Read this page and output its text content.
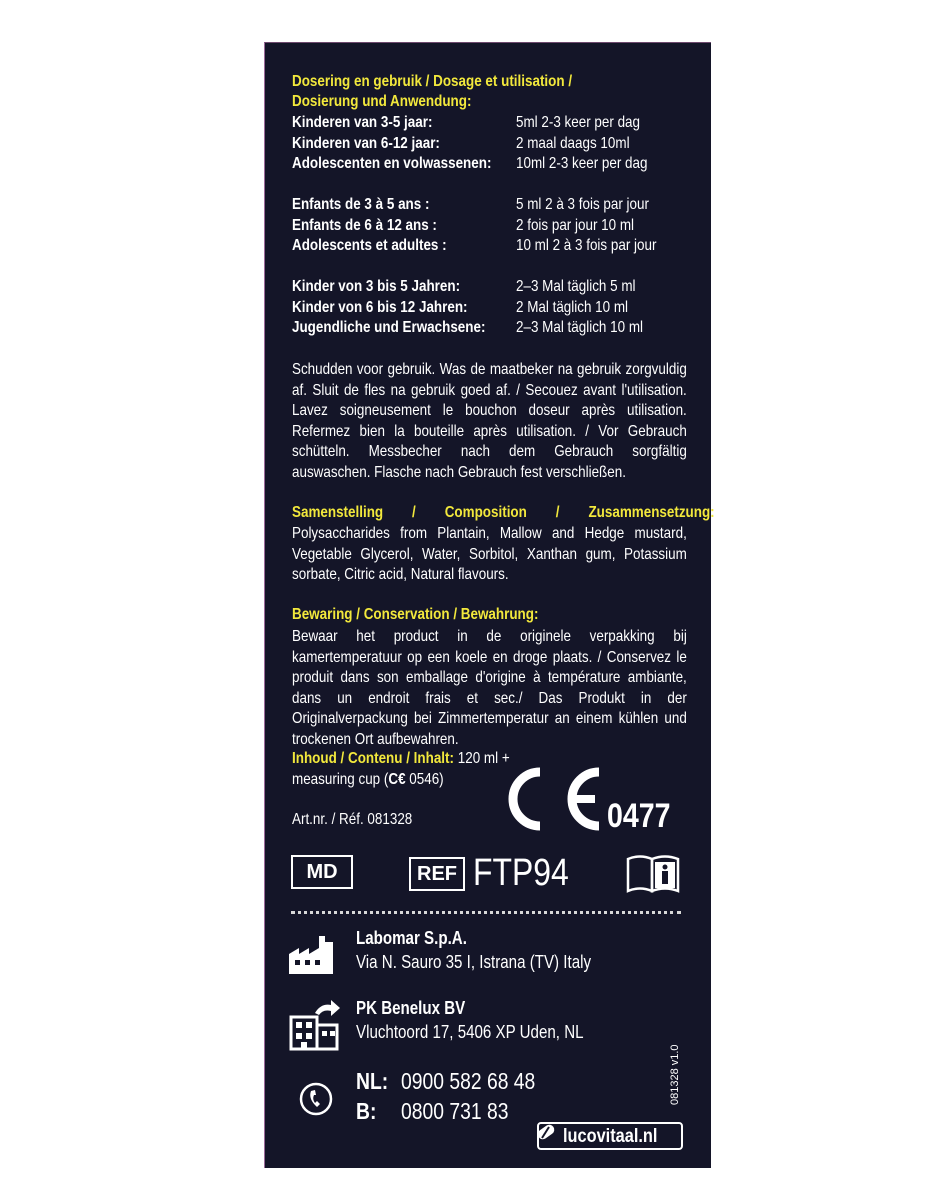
Dosering en gebruik / Dosage et utilisation /
Dosierung und Anwendung:
Kinderen van 3-5 jaar:	5ml 2-3 keer per dag
Kinderen van 6-12 jaar:	2 maal daags 10ml
Adolescenten en volwassenen: 10ml 2-3 keer per dag
Enfants de 3 à 5 ans :	5 ml 2 à 3 fois par jour
Enfants de 6 à 12 ans :	2 fois par jour 10 ml
Adolescents et adultes :	10 ml 2 à 3 fois par jour
Kinder von 3 bis 5 Jahren:	2–3 Mal täglich 5 ml
Kinder von 6 bis 12 Jahren:	2 Mal täglich 10 ml
Jugendliche und Erwachsene: 2–3 Mal täglich 10 ml
Schudden voor gebruik. Was de maatbeker na gebruik zorgvuldig af. Sluit de fles na gebruik goed af. / Secouez avant l'utilisation. Lavez soigneusement le bouchon doseur après utilisation. Refermez bien la bouteille après utilisation. / Vor Gebrauch schütteln. Messbecher nach dem Gebrauch sorgfältig auswaschen. Flasche nach Gebrauch fest verschließen.
Samenstelling / Composition / Zusammensetzung:
Polysaccharides from Plantain, Mallow and Hedge mustard, Vegetable Glycerol, Water, Sorbitol, Xanthan gum, Potassium sorbate, Citric acid, Natural flavours.
Bewaring / Conservation / Bewahrung:
Bewaar het product in de originele verpakking bij kamertemperatuur op een koele en droge plaats. / Conservez le produit dans son emballage d'origine à température ambiante, dans un endroit frais et sec./ Das Produkt in der Originalverpackung bei Zimmertemperatur an einem kühlen und trockenen Ort aufbewahren.
Inhoud / Contenu / Inhalt: 120 ml +
measuring cup (C€ 0546)
Art.nr. / Réf. 081328	0477
MD	REF FTP94
Labomar S.p.A.
Via N. Sauro 35 I, Istrana (TV) Italy
PK Benelux BV
Vluchtoord 17, 5406 XP Uden, NL
NL: 0900 582 68 48
B: 0800 731 83
081328 v1.0
lucovitaal.nl
